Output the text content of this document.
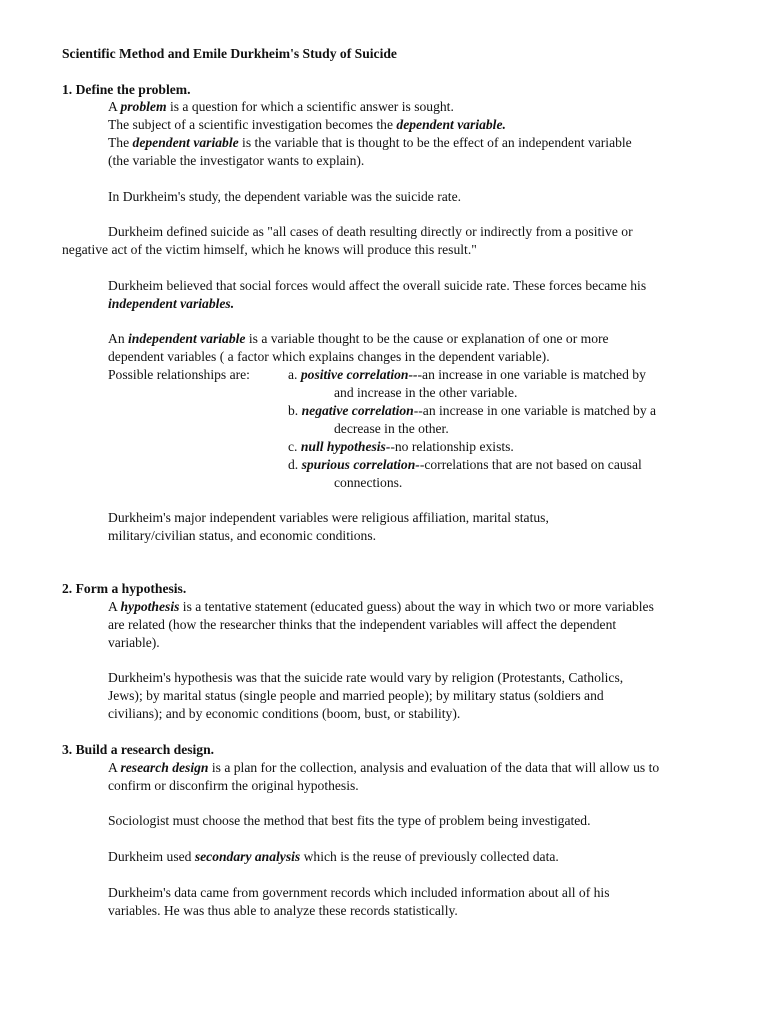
Scientific Method and Emile Durkheim's Study of Suicide
1. Define the problem.
A problem is a question for which a scientific answer is sought.
The subject of a scientific investigation becomes the dependent variable.
The dependent variable is the variable that is thought to be the effect of an independent variable
(the variable the investigator wants to explain).
In Durkheim's study, the dependent variable was the suicide rate.
Durkheim defined suicide as "all cases of death resulting directly or indirectly from a positive or
negative act of the victim himself, which he knows will produce this result."
Durkheim believed that social forces would affect the overall suicide rate. These forces became his
independent variables.
An independent variable is a variable thought to be the cause or explanation of one or more
dependent variables ( a factor which explains changes in the dependent variable).
Possible relationships are:	a. positive correlation---an increase in one variable is matched by
and increase in the other variable.
b. negative correlation--an increase in one variable is matched by a
decrease in the other.
c. null hypothesis--no relationship exists.
d. spurious correlation--correlations that are not based on causal
connections.
Durkheim's major independent variables were religious affiliation, marital status,
military/civilian status, and economic conditions.
2. Form a hypothesis.
A hypothesis is a tentative statement (educated guess) about the way in which two or more variables
are related (how the researcher thinks that the independent variables will affect the dependent
variable).
Durkheim's hypothesis was that the suicide rate would vary by religion (Protestants, Catholics,
Jews); by marital status (single people and married people); by military status (soldiers and
civilians); and by economic conditions (boom, bust, or stability).
3. Build a research design.
A research design is a plan for the collection, analysis and evaluation of the data that will allow us to
confirm or disconfirm the original hypothesis.
Sociologist must choose the method that best fits the type of problem being investigated.
Durkheim used secondary analysis which is the reuse of previously collected data.
Durkheim's data came from government records which included information about all of his
variables. He was thus able to analyze these records statistically.
